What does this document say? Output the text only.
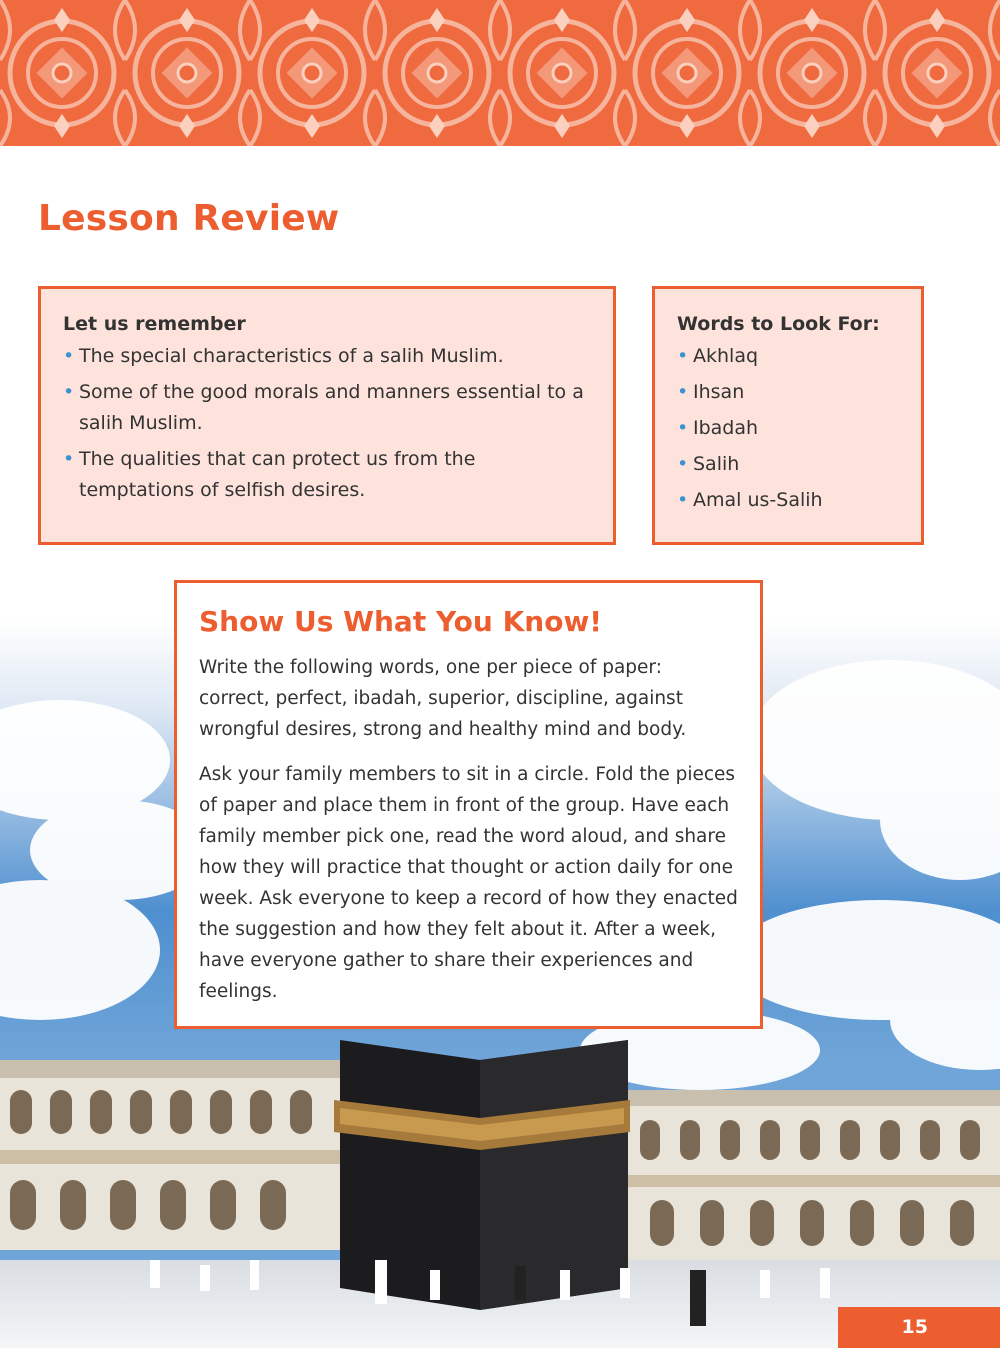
Lesson Review
Let us remember
• The special characteristics of a salih Muslim.
• Some of the good morals and manners essential to a salih Muslim.
• The qualities that can protect us from the temptations of selfish desires.
Words to Look For:
• Akhlaq
• Ihsan
• Ibadah
• Salih
• Amal us-Salih
Show Us What You Know!

Write the following words, one per piece of paper: correct, perfect, ibadah, superior, discipline, against wrongful desires, strong and healthy mind and body.

Ask your family members to sit in a circle. Fold the pieces of paper and place them in front of the group. Have each family member pick one, read the word aloud, and share how they will practice that thought or action daily for one week. Ask everyone to keep a record of how they enacted the suggestion and how they felt about it. After a week, have everyone gather to share their experiences and feelings.

15
